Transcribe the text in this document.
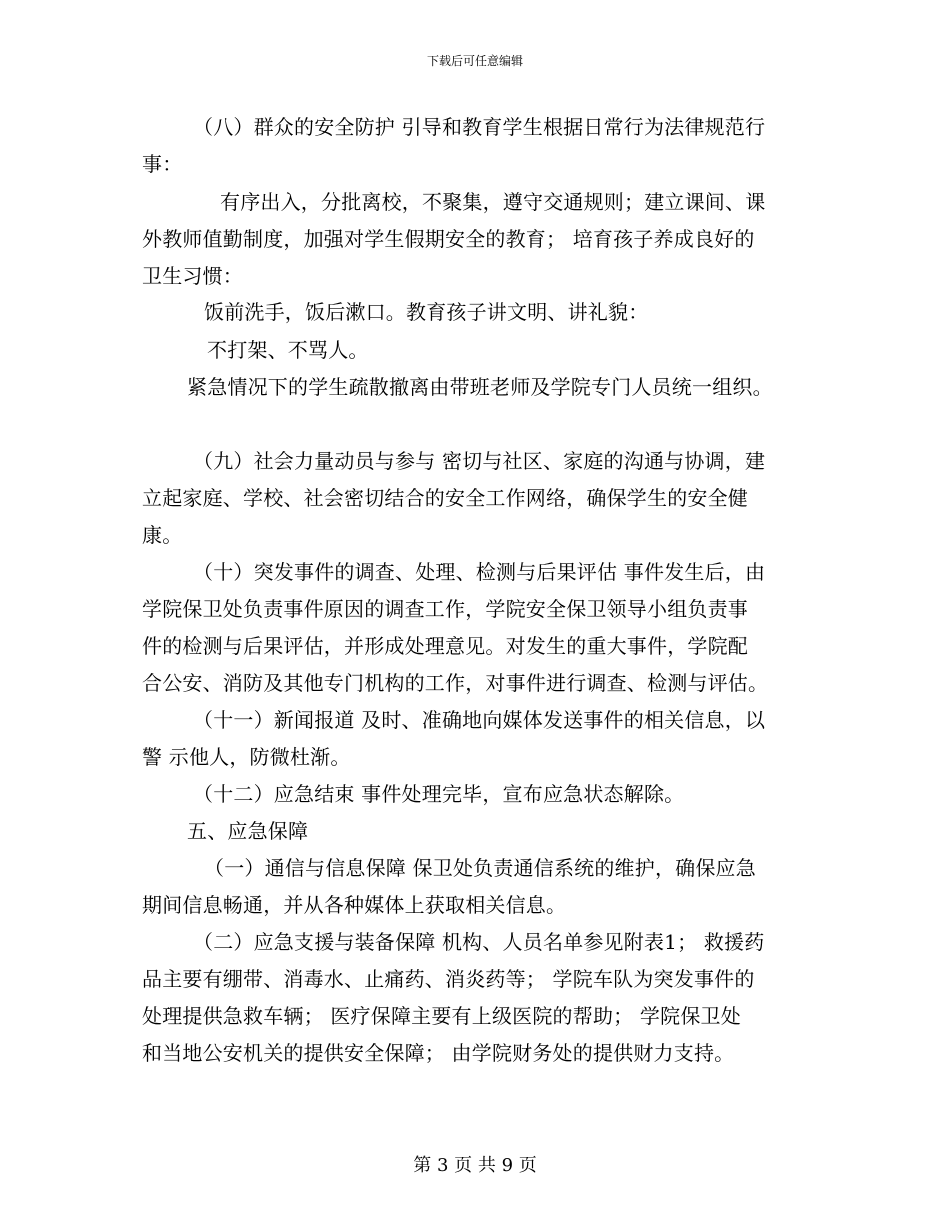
下载后可任意编辑
（八）群众的安全防护 引导和教育学生根据日常行为法律规范行
事：
有序出入，分批离校，不聚集，遵守交通规则；建立课间、课
外教师值勤制度，加强对学生假期安全的教育； 培育孩子养成良好的
卫生习惯：
饭前洗手，饭后漱口。教育孩子讲文明、讲礼貌：
不打架、不骂人。
紧急情况下的学生疏散撤离由带班老师及学院专门人员统一组织。
（九）社会力量动员与参与 密切与社区、家庭的沟通与协调，建
立起家庭、学校、社会密切结合的安全工作网络，确保学生的安全健
康。
（十）突发事件的调查、处理、检测与后果评估 事件发生后，由
学院保卫处负责事件原因的调查工作，学院安全保卫领导小组负责事
件的检测与后果评估，并形成处理意见。对发生的重大事件，学院配
合公安、消防及其他专门机构的工作，对事件进行调查、检测与评估。
（十一）新闻报道 及时、准确地向媒体发送事件的相关信息，以
警 示他人，防微杜渐。
（十二）应急结束 事件处理完毕，宣布应急状态解除。
五、应急保障
（一）通信与信息保障 保卫处负责通信系统的维护，确保应急
期间信息畅通，并从各种媒体上获取相关信息。
（二）应急支援与装备保障 机构、人员名单参见附表1； 救援药
品主要有绷带、消毒水、止痛药、消炎药等； 学院车队为突发事件的
处理提供急救车辆； 医疗保障主要有上级医院的帮助； 学院保卫处
和当地公安机关的提供安全保障； 由学院财务处的提供财力支持。
第 3 页 共 9 页
